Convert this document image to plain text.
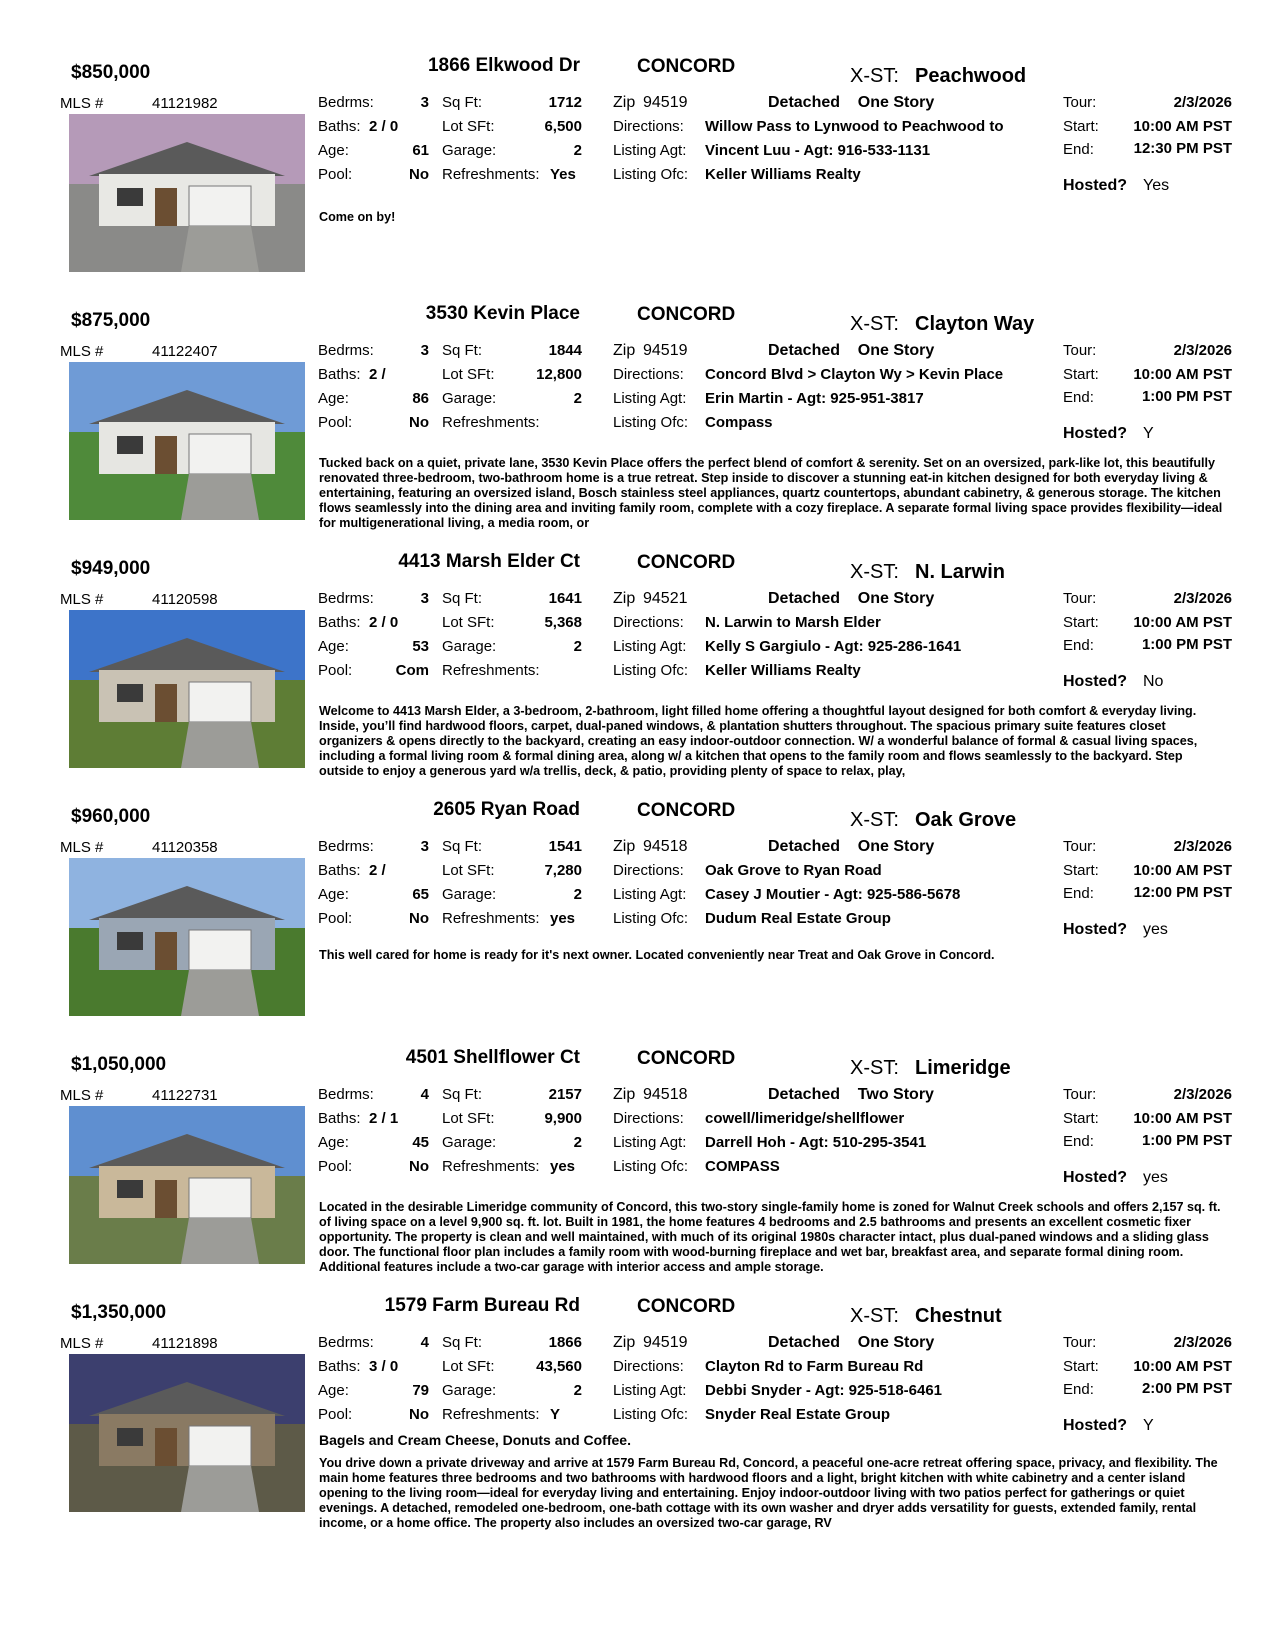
$850,000
MLS #	41121982
1866 Elkwood Dr	CONCORD	X-ST: Peachwood
Bedrms:	3 Sq Ft:	1712
Baths: 2 / 0	Lot SFt:	6,500
Age:	61 Garage:	2
Pool:	No Refreshments: Yes
Zip 94519	Detached    One Story
Directions: Willow Pass to Lynwood to Peachwood to
Listing Agt: Vincent Luu - Agt: 916-533-1131
Listing Ofc: Keller Williams Realty
Tour:	2/3/2026
Start:	10:00 AM PST
End:	12:30 PM PST
Hosted? Yes
Come on by!
$875,000
MLS #	41122407
3530 Kevin Place	CONCORD	X-ST: Clayton Way
Bedrms:	3 Sq Ft:	1844
Baths: 2 /	Lot SFt:	12,800
Age:	86 Garage:	2
Pool:	No Refreshments:
Zip 94519	Detached    One Story
Directions: Concord Blvd > Clayton Wy > Kevin Place
Listing Agt: Erin Martin - Agt: 925-951-3817
Listing Ofc: Compass
Tour:	2/3/2026
Start:	10:00 AM PST
End:	1:00 PM PST
Hosted? Y
Tucked back on a quiet, private lane, 3530 Kevin Place offers the perfect blend of comfort & serenity. Set on an oversized, park-like lot, this beautifully renovated three-bedroom, two-bathroom home is a true retreat. Step inside to discover a stunning eat-in kitchen designed for both everyday living & entertaining, featuring an oversized island, Bosch stainless steel appliances, quartz countertops, abundant cabinetry, & generous storage. The kitchen flows seamlessly into the dining area and inviting family room, complete with a cozy fireplace. A separate formal living space provides flexibility—ideal for multigenerational living, a media room, or
$949,000
MLS #	41120598
4413 Marsh Elder Ct	CONCORD	X-ST: N. Larwin
Bedrms:	3 Sq Ft:	1641
Baths: 2 / 0	Lot SFt:	5,368
Age:	53 Garage:	2
Pool:	Com Refreshments:
Zip 94521	Detached    One Story
Directions: N. Larwin to Marsh Elder
Listing Agt: Kelly S Gargiulo - Agt: 925-286-1641
Listing Ofc: Keller Williams Realty
Tour:	2/3/2026
Start:	10:00 AM PST
End:	1:00 PM PST
Hosted? No
Welcome to 4413 Marsh Elder, a 3-bedroom, 2-bathroom, light filled home offering a thoughtful layout designed for both comfort & everyday living. Inside, you’ll find hardwood floors, carpet, dual-paned windows, & plantation shutters throughout. The spacious primary suite features closet organizers & opens directly to the backyard, creating an easy indoor-outdoor connection. W/ a wonderful balance of formal & casual living spaces, including a formal living room & formal dining area, along w/ a kitchen that opens to the family room and flows seamlessly to the backyard. Step outside to enjoy a generous yard w/a trellis, deck, & patio, providing plenty of space to relax, play,
$960,000
MLS #	41120358
2605 Ryan Road	CONCORD	X-ST: Oak Grove
Bedrms:	3 Sq Ft:	1541
Baths: 2 /	Lot SFt:	7,280
Age:	65 Garage:	2
Pool:	No Refreshments: yes
Zip 94518	Detached    One Story
Directions: Oak Grove to Ryan Road
Listing Agt: Casey J Moutier - Agt: 925-586-5678
Listing Ofc: Dudum Real Estate Group
Tour:	2/3/2026
Start:	10:00 AM PST
End:	12:00 PM PST
Hosted? yes
This well cared for home is ready for it's next owner. Located conveniently near Treat and Oak Grove in Concord.
$1,050,000
MLS #	41122731
4501 Shellflower Ct	CONCORD	X-ST: Limeridge
Bedrms:	4 Sq Ft:	2157
Baths: 2 / 1	Lot SFt:	9,900
Age:	45 Garage:	2
Pool:	No Refreshments: yes
Zip 94518	Detached    Two Story
Directions: cowell/limeridge/shellflower
Listing Agt: Darrell Hoh - Agt: 510-295-3541
Listing Ofc: COMPASS
Tour:	2/3/2026
Start:	10:00 AM PST
End:	1:00 PM PST
Hosted? yes
Located in the desirable Limeridge community of Concord, this two-story single-family home is zoned for Walnut Creek schools and offers 2,157 sq. ft. of living space on a level 9,900 sq. ft. lot. Built in 1981, the home features 4 bedrooms and 2.5 bathrooms and presents an excellent cosmetic fixer opportunity. The property is clean and well maintained, with much of its original 1980s character intact, plus dual-paned windows and a sliding glass door. The functional floor plan includes a family room with wood-burning fireplace and wet bar, breakfast area, and separate formal dining room. Additional features include a two-car garage with interior access and ample storage.
$1,350,000
MLS #	41121898
1579 Farm Bureau Rd	CONCORD	X-ST: Chestnut
Bedrms:	4 Sq Ft:	1866
Baths: 3 / 0	Lot SFt:	43,560
Age:	79 Garage:	2
Pool:	No Refreshments: Y
Zip 94519	Detached    One Story
Directions: Clayton Rd to Farm Bureau Rd
Listing Agt: Debbi Snyder - Agt: 925-518-6461
Listing Ofc: Snyder Real Estate Group
Tour:	2/3/2026
Start:	10:00 AM PST
End:	2:00 PM PST
Hosted? Y
Bagels and Cream Cheese, Donuts and Coffee.
You drive down a private driveway and arrive at 1579 Farm Bureau Rd, Concord, a peaceful one-acre retreat offering space, privacy, and flexibility. The main home features three bedrooms and two bathrooms with hardwood floors and a light, bright kitchen with white cabinetry and a center island opening to the living room—ideal for everyday living and entertaining. Enjoy indoor-outdoor living with two patios perfect for gatherings or quiet evenings. A detached, remodeled one-bedroom, one-bath cottage with its own washer and dryer adds versatility for guests, extended family, rental income, or a home office. The property also includes an oversized two-car garage, RV
